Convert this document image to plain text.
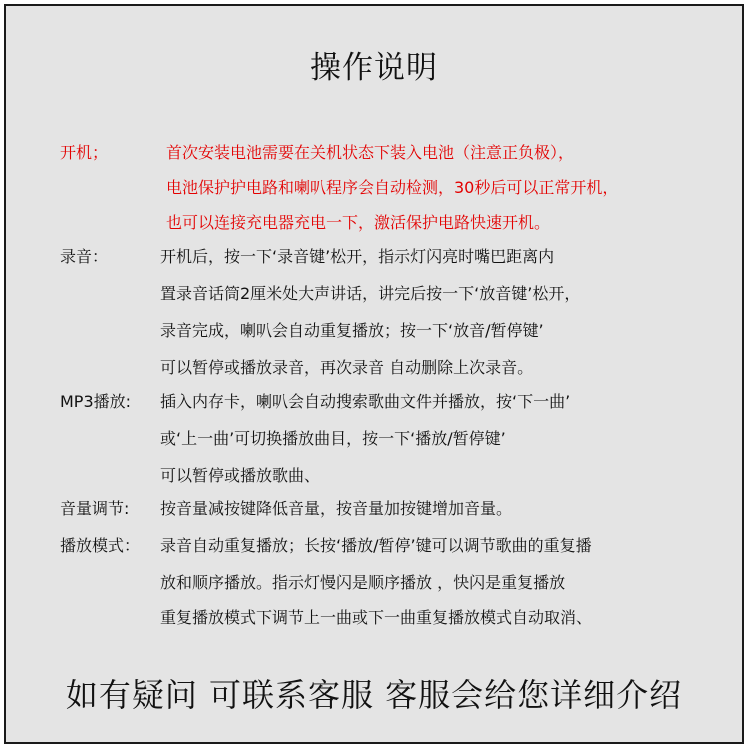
操作说明
开机；	首次安装电池需要在关机状态下装入电池（注意正负极），
电池保护护电路和喇叭程序会自动检测，30秒后可以正常开机，
也可以连接充电器充电一下，激活保护电路快速开机。
录音：	开机后，按一下‘录音键’松开，指示灯闪亮时嘴巴距离内
置录音话筒2厘米处大声讲话，讲完后按一下‘放音键’松开，
录音完成，喇叭会自动重复播放；按一下‘放音/暂停键’
可以暂停或播放录音，再次录音 自动删除上次录音。
MP3播放: 插入内存卡，喇叭会自动搜索歌曲文件并播放，按‘下一曲’
或‘上一曲’可切换播放曲目，按一下‘播放/暂停键’
可以暂停或播放歌曲、
音量调节: 按音量减按键降低音量，按音量加按键增加音量。
播放模式： 录音自动重复播放；长按‘播放/暂停’键可以调节歌曲的重复播
放和顺序播放。指示灯慢闪是顺序播放 ，快闪是重复播放
重复播放模式下调节上一曲或下一曲重复播放模式自动取消、
如有疑问 可联系客服 客服会给您详细介绍
